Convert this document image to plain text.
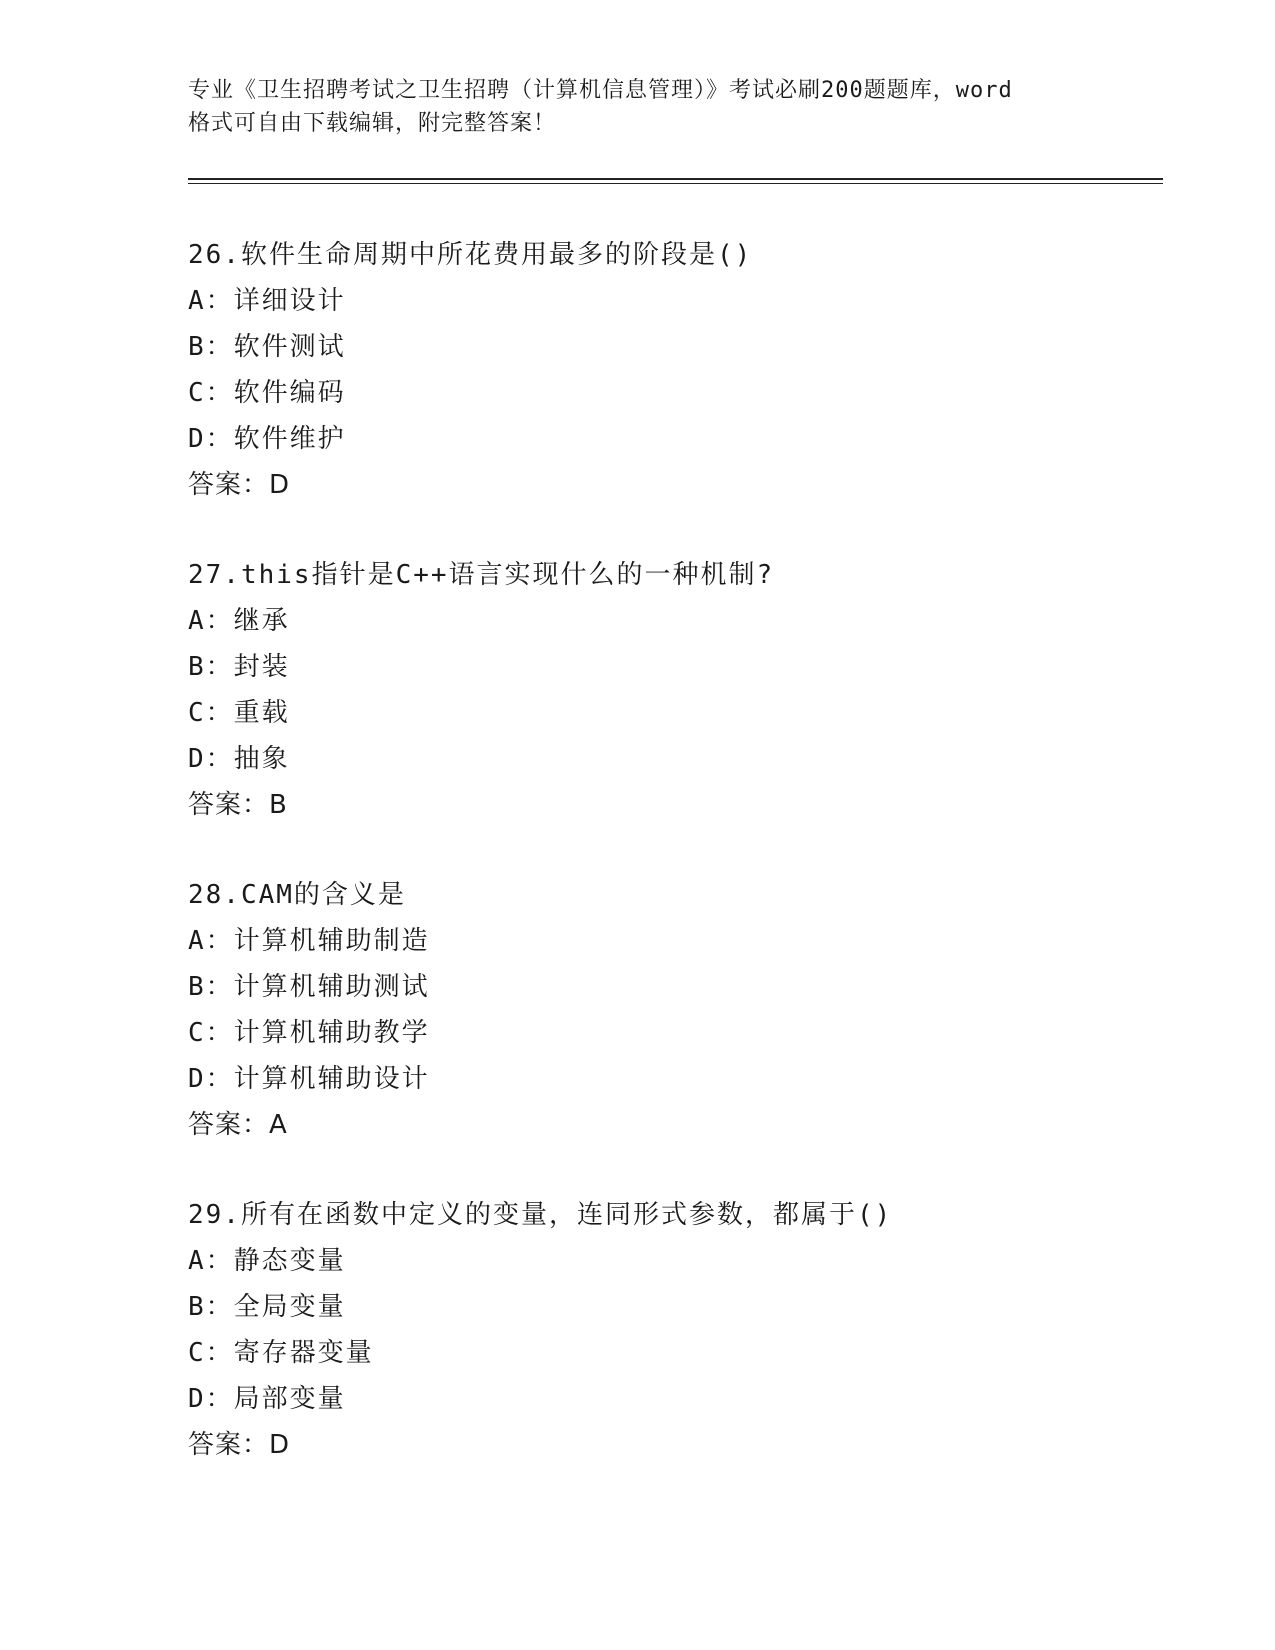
专业《卫生招聘考试之卫生招聘（计算机信息管理）》考试必刷200题题库，word
格式可自由下载编辑，附完整答案！
26.软件生命周期中所花费用最多的阶段是()
A：详细设计
B：软件测试
C：软件编码
D：软件维护
答案：D
27.this指针是C++语言实现什么的一种机制?
A：继承
B：封装
C：重载
D：抽象
答案：B
28.CAM的含义是
A：计算机辅助制造
B：计算机辅助测试
C：计算机辅助教学
D：计算机辅助设计
答案：A
29.所有在函数中定义的变量，连同形式参数，都属于()
A：静态变量
B：全局变量
C：寄存器变量
D：局部变量
答案：D
